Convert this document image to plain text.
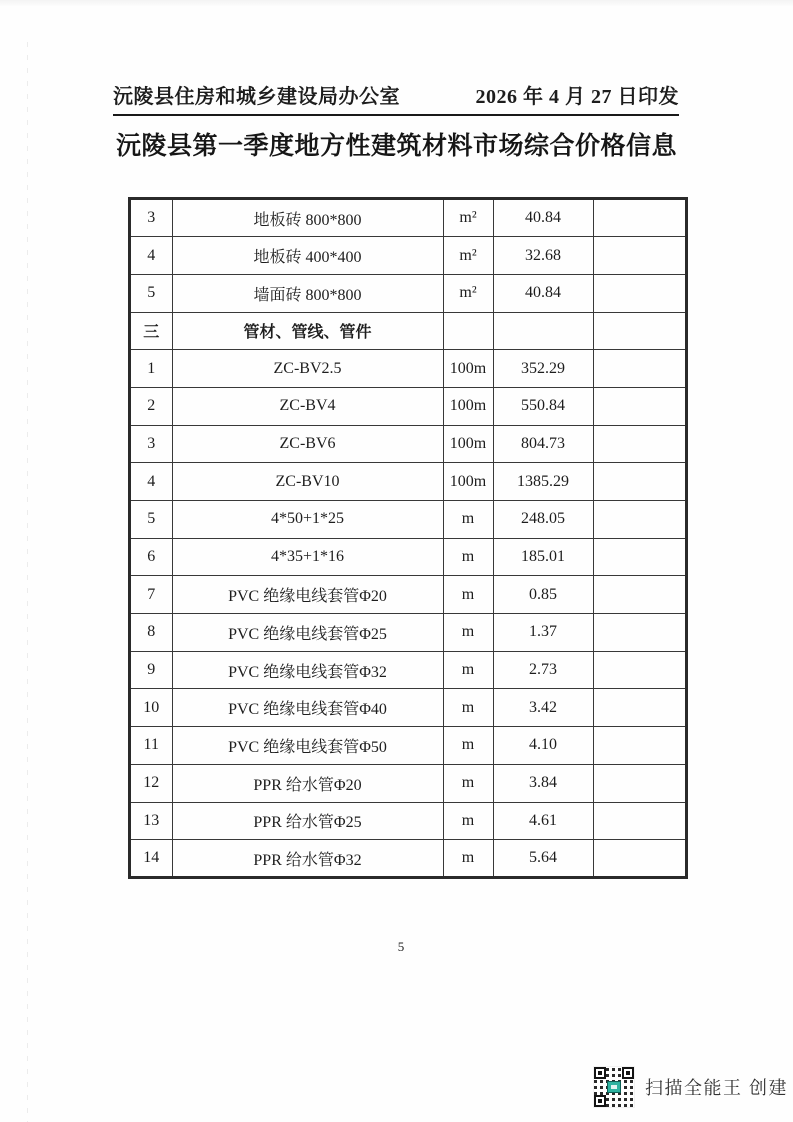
沅陵县住房和城乡建设局办公室	2026 年 4 月 27 日印发
沅陵县第一季度地方性建筑材料市场综合价格信息
3	地板砖 800*800	m²	40.84	
4	地板砖 400*400	m²	32.68	
5	墙面砖 800*800	m²	40.84	
三	管材、管线、管件			
1	ZC-BV2.5	100m	352.29	
2	ZC-BV4	100m	550.84	
3	ZC-BV6	100m	804.73	
4	ZC-BV10	100m	1385.29	
5	4*50+1*25	m	248.05	
6	4*35+1*16	m	185.01	
7	PVC 绝缘电线套管Φ20	m	0.85	
8	PVC 绝缘电线套管Φ25	m	1.37	
9	PVC 绝缘电线套管Φ32	m	2.73	
10	PVC 绝缘电线套管Φ40	m	3.42	
11	PVC 绝缘电线套管Φ50	m	4.10	
12	PPR 给水管Φ20	m	3.84	
13	PPR 给水管Φ25	m	4.61	
14	PPR 给水管Φ32	m	5.64	
5
扫描全能王 创建
